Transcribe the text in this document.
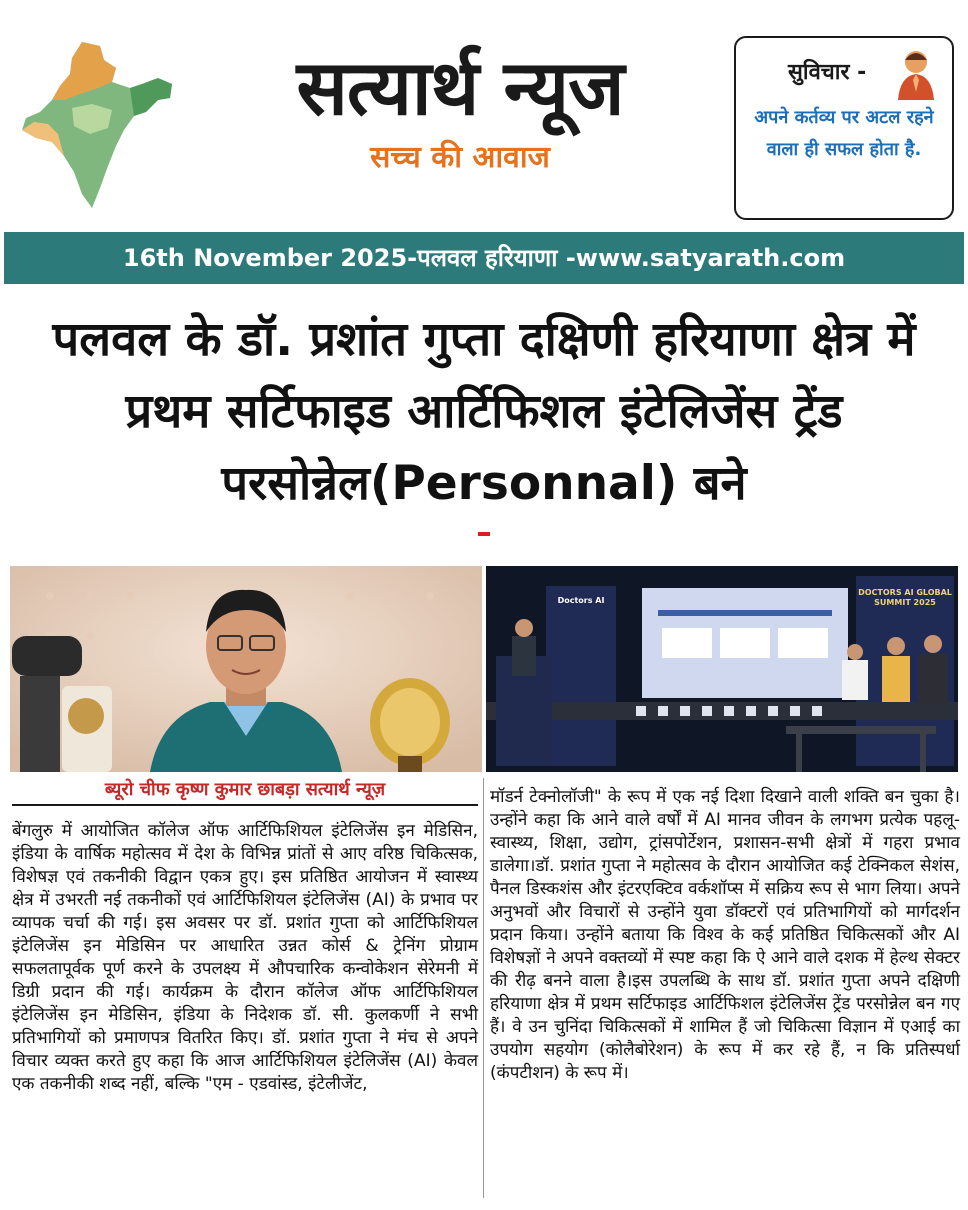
सत्यार्थ न्यूज
सच्च की आवाज
सुविचार -
अपने कर्तव्य पर अटल रहने वाला ही सफल होता है.
16th November 2025-पलवल हरियाणा -www.satyarath.com
पलवल के डॉ. प्रशांत गुप्ता दक्षिणी हरियाणा क्षेत्र में प्रथम सर्टिफाइड आर्टिफिशल इंटेलिजेंस ट्रेंड परसोन्नेल(Personnal) बने
DOCTORS AI GLOBAL SUMMIT 2025
Doctors AI
ब्यूरो चीफ कृष्ण कुमार छाबड़ा सत्यार्थ न्यूज़
बेंगलुरु में आयोजित कॉलेज ऑफ आर्टिफिशियल इंटेलिजेंस इन मेडिसिन, इंडिया के वार्षिक महोत्सव में देश के विभिन्न प्रांतों से आए वरिष्ठ चिकित्सक, विशेषज्ञ एवं तकनीकी विद्वान एकत्र हुए। इस प्रतिष्ठित आयोजन में स्वास्थ्य क्षेत्र में उभरती नई तकनीकों एवं आर्टिफिशियल इंटेलिजेंस (AI) के प्रभाव पर व्यापक चर्चा की गई। इस अवसर पर डॉ. प्रशांत गुप्ता को आर्टिफिशियल इंटेलिजेंस इन मेडिसिन पर आधारित उन्नत कोर्स & ट्रेनिंग प्रोग्राम सफलतापूर्वक पूर्ण करने के उपलक्ष्य में औपचारिक कन्वोकेशन सेरेमनी में डिग्री प्रदान की गई। कार्यक्रम के दौरान कॉलेज ऑफ आर्टिफिशियल इंटेलिजेंस इन मेडिसिन, इंडिया के निदेशक डॉ. सी. कुलकर्णी ने सभी प्रतिभागियों को प्रमाणपत्र वितरित किए। डॉ. प्रशांत गुप्ता ने मंच से अपने विचार व्यक्त करते हुए कहा कि आज आर्टिफिशियल इंटेलिजेंस (AI) केवल एक तकनीकी शब्द नहीं, बल्कि "एम - एडवांस्ड, इंटेलीजेंट,
मॉडर्न टेक्नोलॉजी" के रूप में एक नई दिशा दिखाने वाली शक्ति बन चुका है। उन्होंने कहा कि आने वाले वर्षों में AI मानव जीवन के लगभग प्रत्येक पहलू-स्वास्थ्य, शिक्षा, उद्योग, ट्रांसपोर्टेशन, प्रशासन-सभी क्षेत्रों में गहरा प्रभाव डालेगा।डॉ. प्रशांत गुप्ता ने महोत्सव के दौरान आयोजित कई टेक्निकल सेशंस, पैनल डिस्कशंस और इंटरएक्टिव वर्कशॉप्स में सक्रिय रूप से भाग लिया। अपने अनुभवों और विचारों से उन्होंने युवा डॉक्टरों एवं प्रतिभागियों को मार्गदर्शन प्रदान किया। उन्होंने बताया कि विश्व के कई प्रतिष्ठित चिकित्सकों और AI विशेषज्ञों ने अपने वक्तव्यों में स्पष्ट कहा कि ऐ आने वाले दशक में हेल्थ सेक्टर की रीढ़ बनने वाला है।इस उपलब्धि के साथ डॉ. प्रशांत गुप्ता अपने दक्षिणी हरियाणा क्षेत्र में प्रथम सर्टिफाइड आर्टिफिशल इंटेलिजेंस ट्रेंड परसोन्नेल बन गए हैं। वे उन चुनिंदा चिकित्सकों में शामिल हैं जो चिकित्सा विज्ञान में एआई का उपयोग सहयोग (कोलैबोरेशन) के रूप में कर रहे हैं, न कि प्रतिस्पर्धा (कंपटीशन) के रूप में।
